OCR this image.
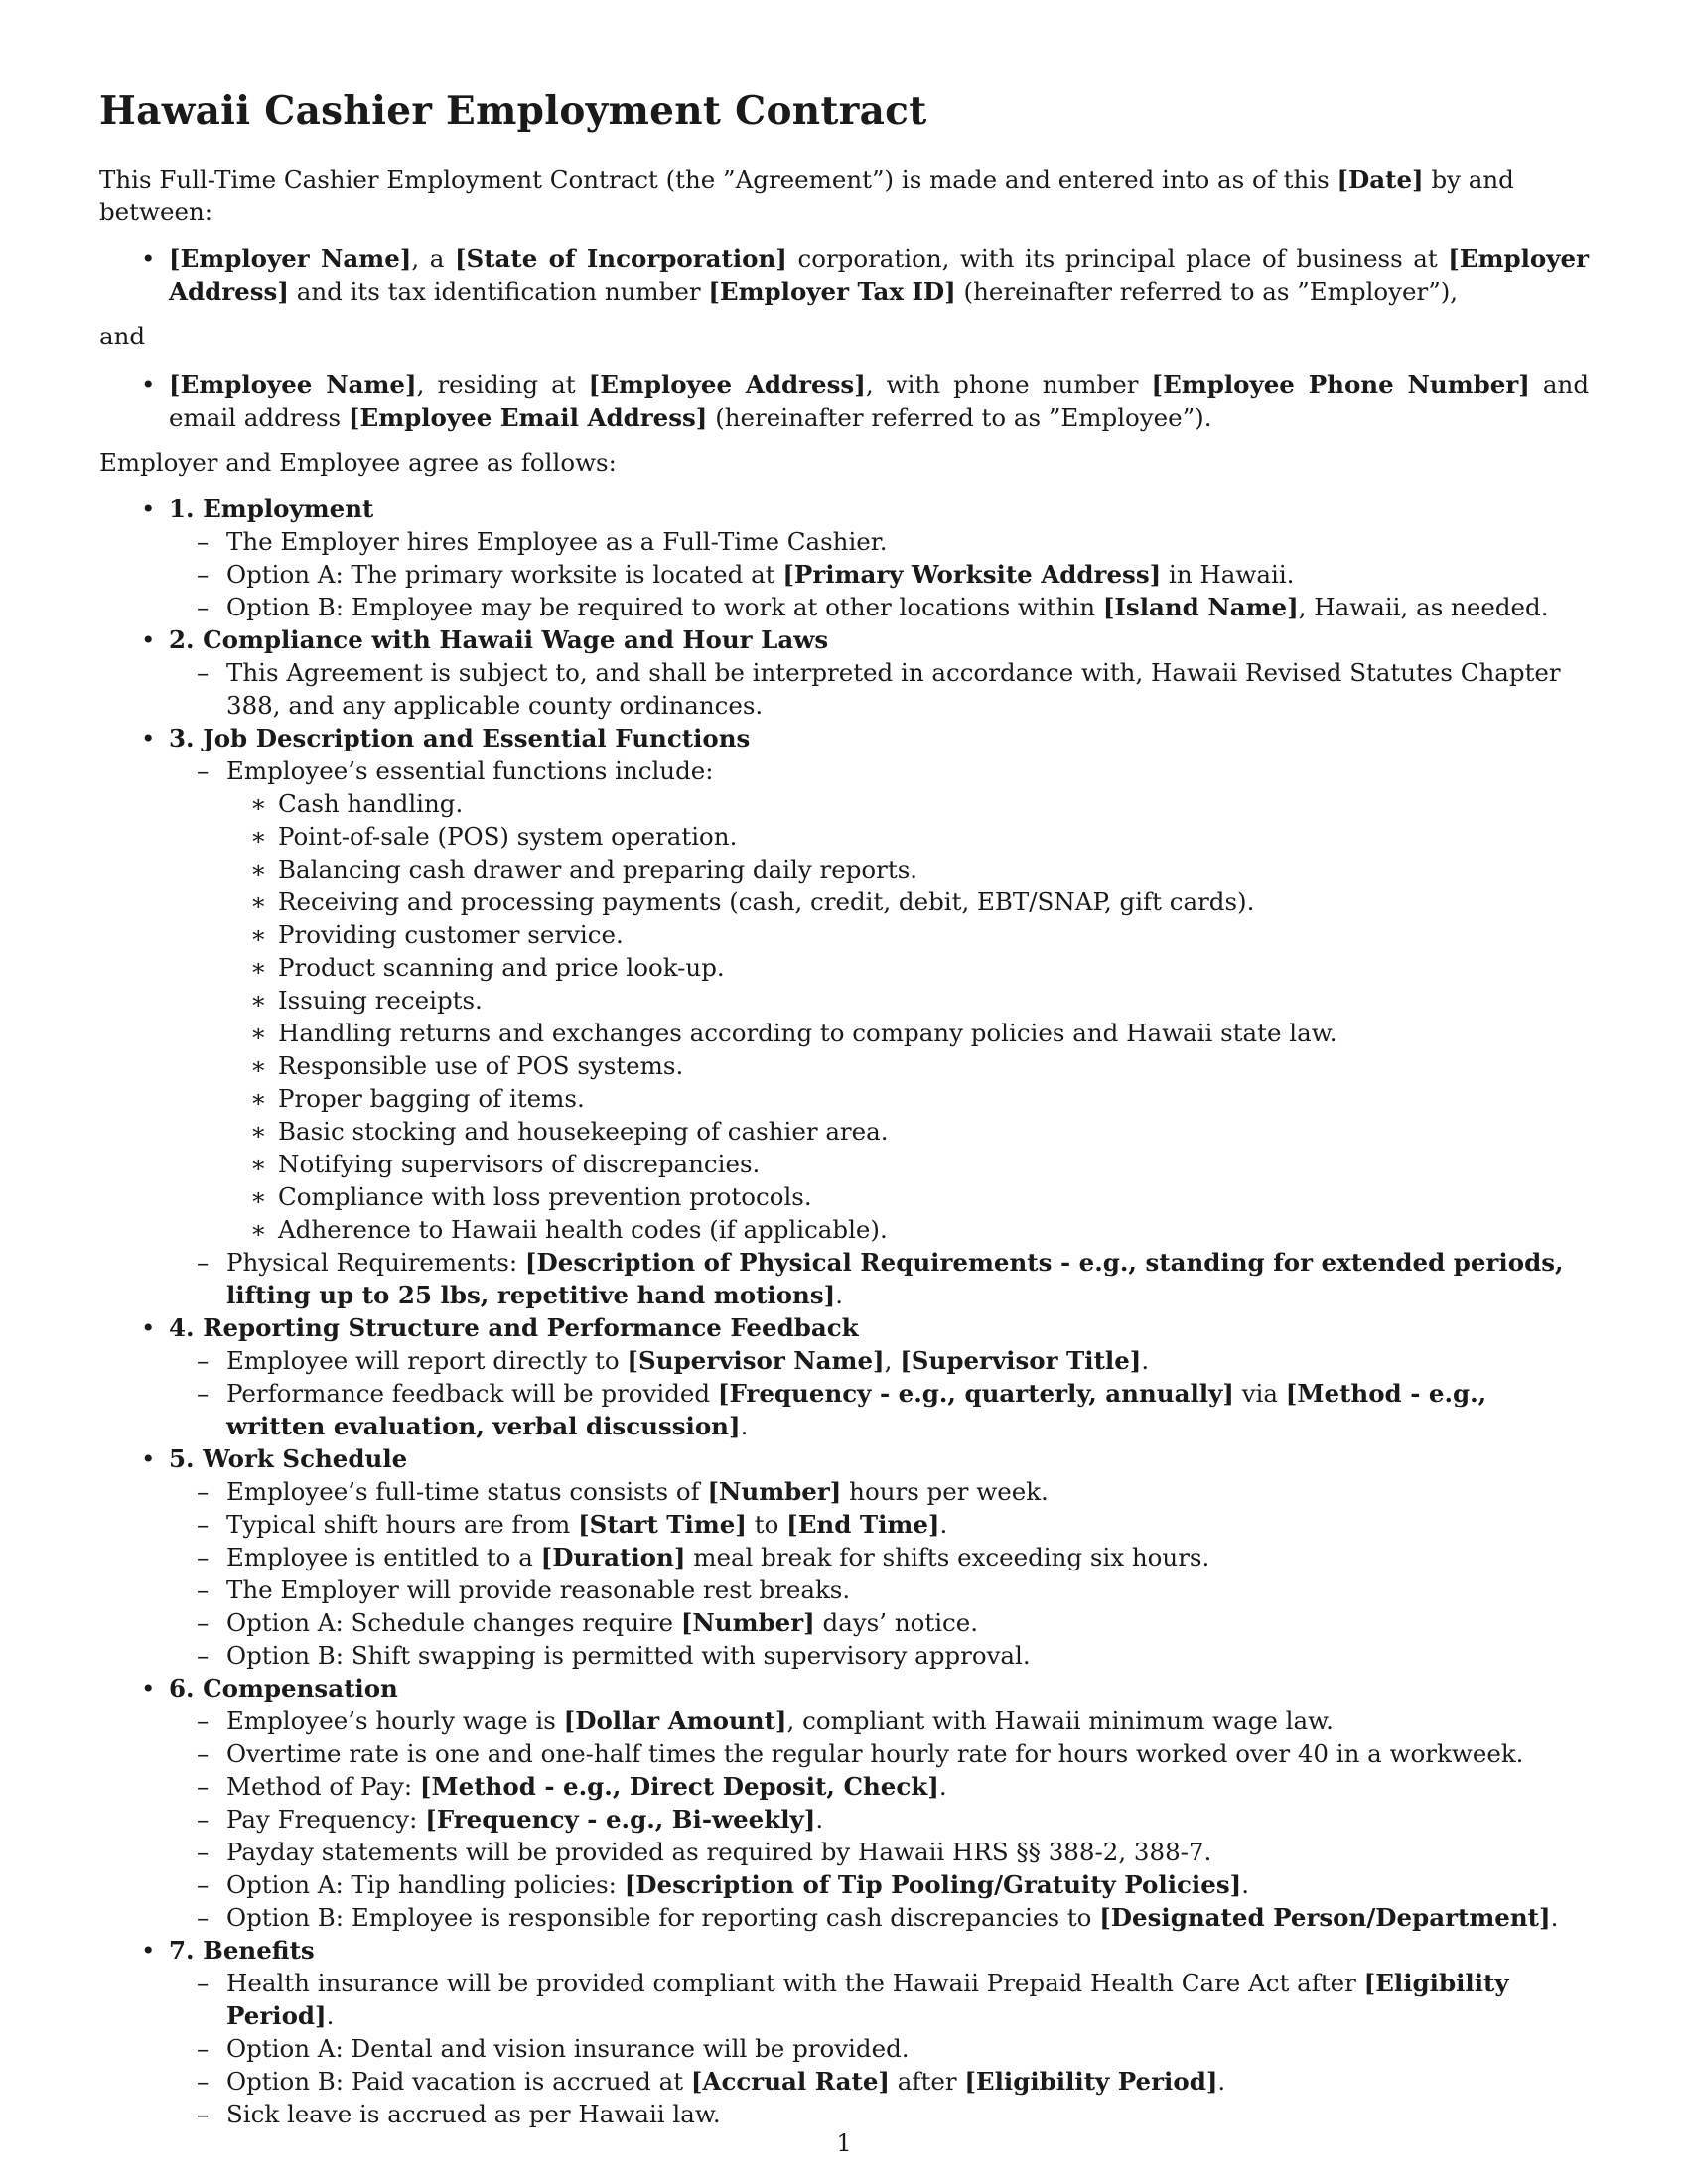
Hawaii Cashier Employment Contract

This Full-Time Cashier Employment Contract (the ”Agreement”) is made and entered into as of this [Date] by and between:

• [Employer Name], a [State of Incorporation] corporation, with its principal place of business at [Employer Address] and its tax identification number [Employer Tax ID] (hereinafter referred to as ”Employer”),

and

• [Employee Name], residing at [Employee Address], with phone number [Employee Phone Number] and email address [Employee Email Address] (hereinafter referred to as ”Employee”).

Employer and Employee agree as follows:

• 1. Employment
– The Employer hires Employee as a Full-Time Cashier.
– Option A: The primary worksite is located at [Primary Worksite Address] in Hawaii.
– Option B: Employee may be required to work at other locations within [Island Name], Hawaii, as needed.
• 2. Compliance with Hawaii Wage and Hour Laws
– This Agreement is subject to, and shall be interpreted in accordance with, Hawaii Revised Statutes Chapter 388, and any applicable county ordinances.
• 3. Job Description and Essential Functions
– Employee’s essential functions include:
∗ Cash handling.
∗ Point-of-sale (POS) system operation.
∗ Balancing cash drawer and preparing daily reports.
∗ Receiving and processing payments (cash, credit, debit, EBT/SNAP, gift cards).
∗ Providing customer service.
∗ Product scanning and price look-up.
∗ Issuing receipts.
∗ Handling returns and exchanges according to company policies and Hawaii state law.
∗ Responsible use of POS systems.
∗ Proper bagging of items.
∗ Basic stocking and housekeeping of cashier area.
∗ Notifying supervisors of discrepancies.
∗ Compliance with loss prevention protocols.
∗ Adherence to Hawaii health codes (if applicable).
– Physical Requirements: [Description of Physical Requirements - e.g., standing for extended periods, lifting up to 25 lbs, repetitive hand motions].
• 4. Reporting Structure and Performance Feedback
– Employee will report directly to [Supervisor Name], [Supervisor Title].
– Performance feedback will be provided [Frequency - e.g., quarterly, annually] via [Method - e.g., written evaluation, verbal discussion].
• 5. Work Schedule
– Employee’s full-time status consists of [Number] hours per week.
– Typical shift hours are from [Start Time] to [End Time].
– Employee is entitled to a [Duration] meal break for shifts exceeding six hours.
– The Employer will provide reasonable rest breaks.
– Option A: Schedule changes require [Number] days’ notice.
– Option B: Shift swapping is permitted with supervisory approval.
• 6. Compensation
– Employee’s hourly wage is [Dollar Amount], compliant with Hawaii minimum wage law.
– Overtime rate is one and one-half times the regular hourly rate for hours worked over 40 in a workweek.
– Method of Pay: [Method - e.g., Direct Deposit, Check].
– Pay Frequency: [Frequency - e.g., Bi-weekly].
– Payday statements will be provided as required by Hawaii HRS §§ 388-2, 388-7.
– Option A: Tip handling policies: [Description of Tip Pooling/Gratuity Policies].
– Option B: Employee is responsible for reporting cash discrepancies to [Designated Person/Department].
• 7. Benefits
– Health insurance will be provided compliant with the Hawaii Prepaid Health Care Act after [Eligibility Period].
– Option A: Dental and vision insurance will be provided.
– Option B: Paid vacation is accrued at [Accrual Rate] after [Eligibility Period].
– Sick leave is accrued as per Hawaii law.
1
